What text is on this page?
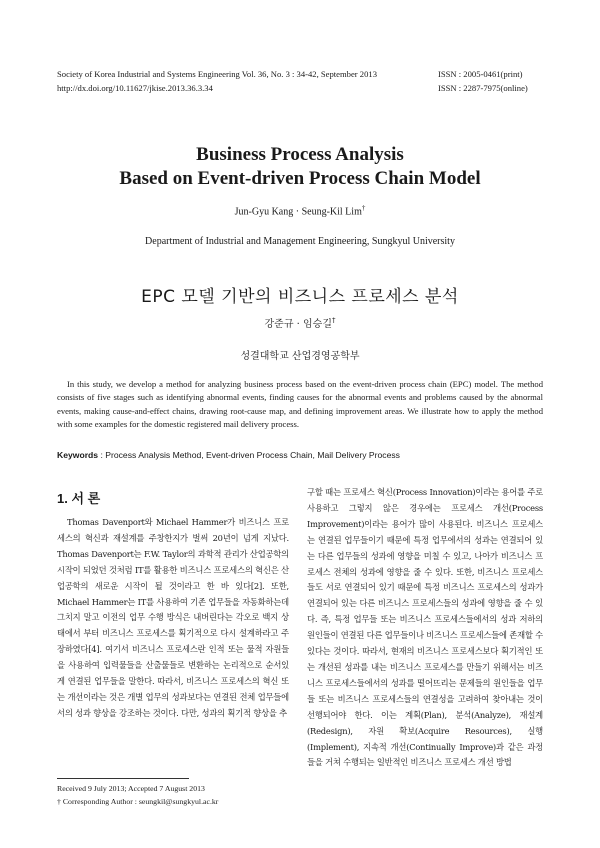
Society of Korea Industrial and Systems Engineering Vol. 36, No. 3 : 34-42, September 2013
http://dx.doi.org/10.11627/jkise.2013.36.3.34
ISSN : 2005-0461(print)
ISSN : 2287-7975(online)
Business Process Analysis
Based on Event-driven Process Chain Model
Jun-Gyu Kang · Seung-Kil Lim†
Department of Industrial and Management Engineering, Sungkyul University
EPC 모델 기반의 비즈니스 프로세스 분석
강준규 · 임승길†
성결대학교 산업경영공학부
In this study, we develop a method for analyzing business process based on the event-driven process chain (EPC) model. The method consists of five stages such as identifying abnormal events, finding causes for the abnormal events and problems caused by the abnormal events, making cause-and-effect chains, drawing root-cause map, and defining improvement areas. We illustrate how to apply the method with some examples for the domestic registered mail delivery process.
Keywords : Process Analysis Method, Event-driven Process Chain, Mail Delivery Process
1. 서 론

Thomas Davenport와 Michael Hammer가 비즈니스 프로세스의 혁신과 재설계를 주창한지가 벌써 20년이 넘게 지났다. Thomas Davenport는 F.W. Taylor의 과학적 관리가 산업공학의 시작이 되었던 것처럼 IT를 활용한 비즈니스 프로세스의 혁신은 산업공학의 새로운 시작이 될 것이라고 한 바 있다[2]. 또한, Michael Hammer는 IT를 사용하여 기존 업무들을 자동화하는데 그치지 말고 이전의 업무 수행 방식은 내버린다는 각오로 백지 상태에서 부터 비즈니스 프로세스를 획기적으로 다시 설계하라고 주장하였다[4]. 여기서 비즈니스 프로세스란 인적 또는 물적 자원들을 사용하여 입력물들을 산출물들로 변환하는 논리적으로 순서있게 연결된 업무들을 말한다. 따라서, 비즈니스 프로세스의 혁신 또는 개선이라는 것은 개별 업무의 성과보다는 연결된 전체 업무들에서의 성과 향상을 강조하는 것이다. 다만, 성과의 획기적 향상을 추

구할 때는 프로세스 혁신(Process Innovation)이라는 용어를 주로 사용하고 그렇지 않은 경우에는 프로세스 개선(Process Improvement)이라는 용어가 많이 사용된다. 비즈니스 프로세스는 연결된 업무들이기 때문에 특정 업무에서의 성과는 연결되어 있는 다른 업무들의 성과에 영향을 미칠 수 있고, 나아가 비즈니스 프로세스 전체의 성과에 영향을 줄 수 있다. 또한, 비즈니스 프로세스들도 서로 연결되어 있기 때문에 특정 비즈니스 프로세스의 성과가 연결되어 있는 다른 비즈니스 프로세스들의 성과에 영향을 줄 수 있다. 즉, 특정 업무들 또는 비즈니스 프로세스들에서의 성과 저하의 원인들이 연결된 다른 업무들이나 비즈니스 프로세스들에 존재할 수 있다는 것이다. 따라서, 현재의 비즈니스 프로세스보다 획기적인 또는 개선된 성과를 내는 비즈니스 프로세스를 만들기 위해서는 비즈니스 프로세스들에서의 성과를 떨어뜨리는 문제들의 원인들을 업무들 또는 비즈니스 프로세스들의 연결성을 고려하여 찾아내는 것이 선행되어야 한다. 이는 계획(Plan), 분석(Analyze), 재설계(Redesign), 자원 확보(Acquire Resources), 실행(Implement), 지속적 개선(Continually Improve)과 같은 과정들을 거쳐 수행되는 일반적인 비즈니스 프로세스 개선 방법

Received 9 July 2013; Accepted 7 August 2013
† Corresponding Author : seungkil@sungkyul.ac.kr
